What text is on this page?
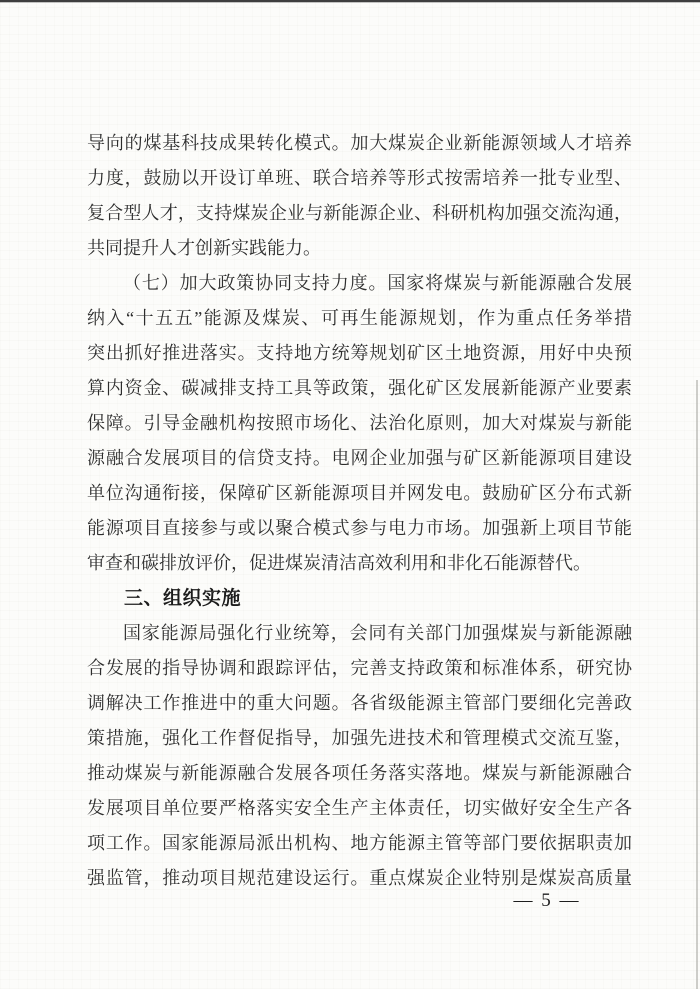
导向的煤基科技成果转化模式。加大煤炭企业新能源领域人才培养
力度，鼓励以开设订单班、联合培养等形式按需培养一批专业型、
复合型人才，支持煤炭企业与新能源企业、科研机构加强交流沟通，
共同提升人才创新实践能力。
（七）加大政策协同支持力度。国家将煤炭与新能源融合发展
纳入“十五五”能源及煤炭、可再生能源规划，作为重点任务举措
突出抓好推进落实。支持地方统筹规划矿区土地资源，用好中央预
算内资金、碳减排支持工具等政策，强化矿区发展新能源产业要素
保障。引导金融机构按照市场化、法治化原则，加大对煤炭与新能
源融合发展项目的信贷支持。电网企业加强与矿区新能源项目建设
单位沟通衔接，保障矿区新能源项目并网发电。鼓励矿区分布式新
能源项目直接参与或以聚合模式参与电力市场。加强新上项目节能
审查和碳排放评价，促进煤炭清洁高效利用和非化石能源替代。
三、组织实施
国家能源局强化行业统筹，会同有关部门加强煤炭与新能源融
合发展的指导协调和跟踪评估，完善支持政策和标准体系，研究协
调解决工作推进中的重大问题。各省级能源主管部门要细化完善政
策措施，强化工作督促指导，加强先进技术和管理模式交流互鉴，
推动煤炭与新能源融合发展各项任务落实落地。煤炭与新能源融合
发展项目单位要严格落实安全生产主体责任，切实做好安全生产各
项工作。国家能源局派出机构、地方能源主管等部门要依据职责加
强监管，推动项目规范建设运行。重点煤炭企业特别是煤炭高质量
— 5 —
